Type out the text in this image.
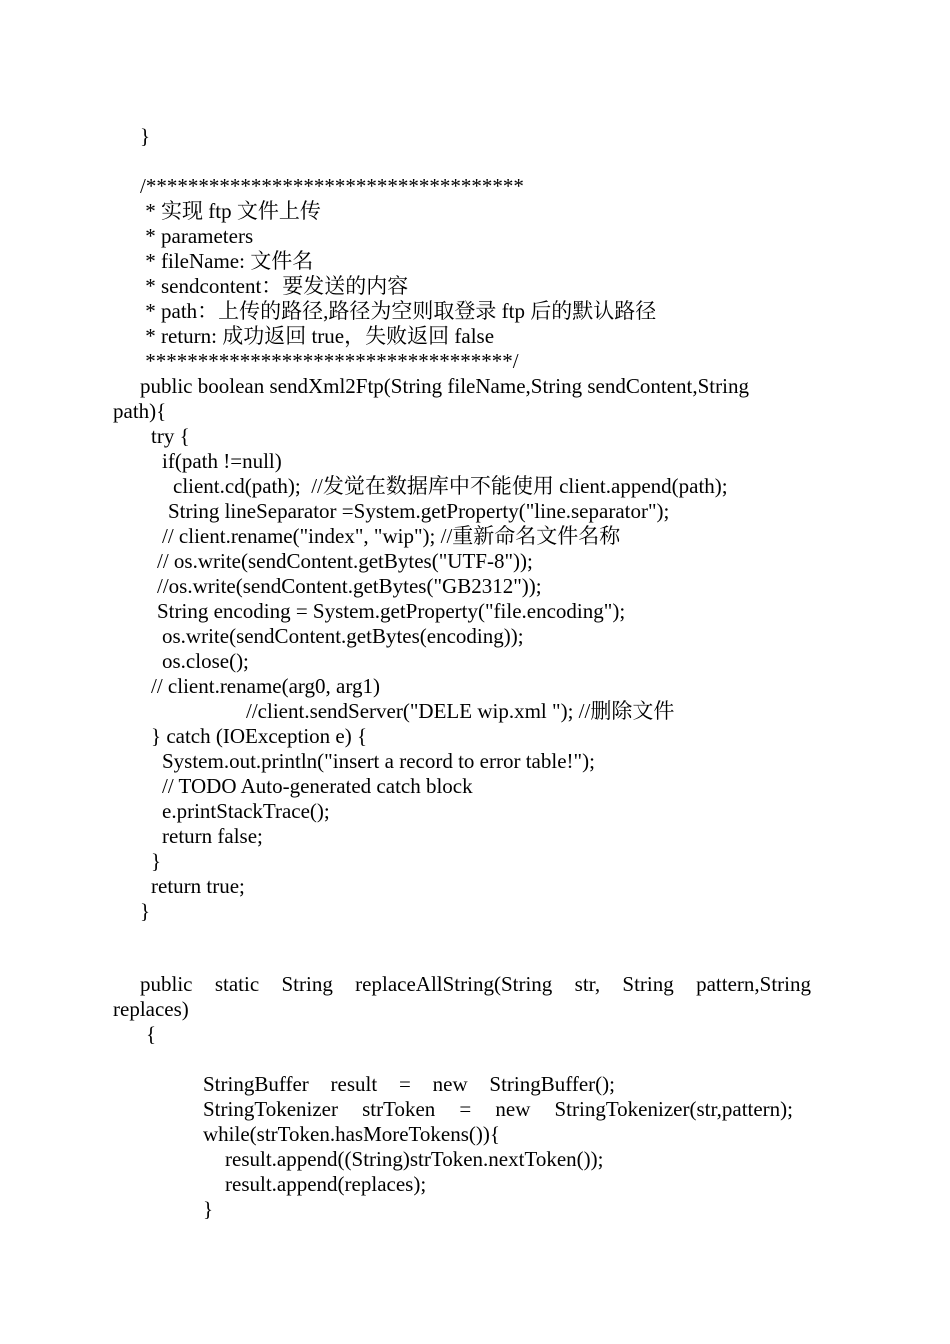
}
/************************************
* 实现 ftp 文件上传
* parameters
* fileName: 文件名
* sendcontent：要发送的内容
* path：上传的路径,路径为空则取登录 ftp 后的默认路径
* return: 成功返回 true，失败返回 false
***********************************/
public boolean sendXml2Ftp(String fileName,String sendContent,String
path){
try {
if(path !=null)
client.cd(path);  //发觉在数据库中不能使用 client.append(path);
String lineSeparator =System.getProperty("line.separator");
// client.rename("index", "wip"); //重新命名文件名称
// os.write(sendContent.getBytes("UTF-8"));
//os.write(sendContent.getBytes("GB2312"));
String encoding = System.getProperty("file.encoding");
os.write(sendContent.getBytes(encoding));
os.close();
// client.rename(arg0, arg1)
//client.sendServer("DELE wip.xml "); //删除文件
} catch (IOException e) {
System.out.println("insert a record to error table!");
// TODO Auto-generated catch block
e.printStackTrace();
return false;
}
return true;
}
public static String replaceAllString(String str, String pattern,String
replaces)
{
StringBuffer result = new StringBuffer();
StringTokenizer strToken = new StringTokenizer(str,pattern);
while(strToken.hasMoreTokens()){
result.append((String)strToken.nextToken());
result.append(replaces);
}
